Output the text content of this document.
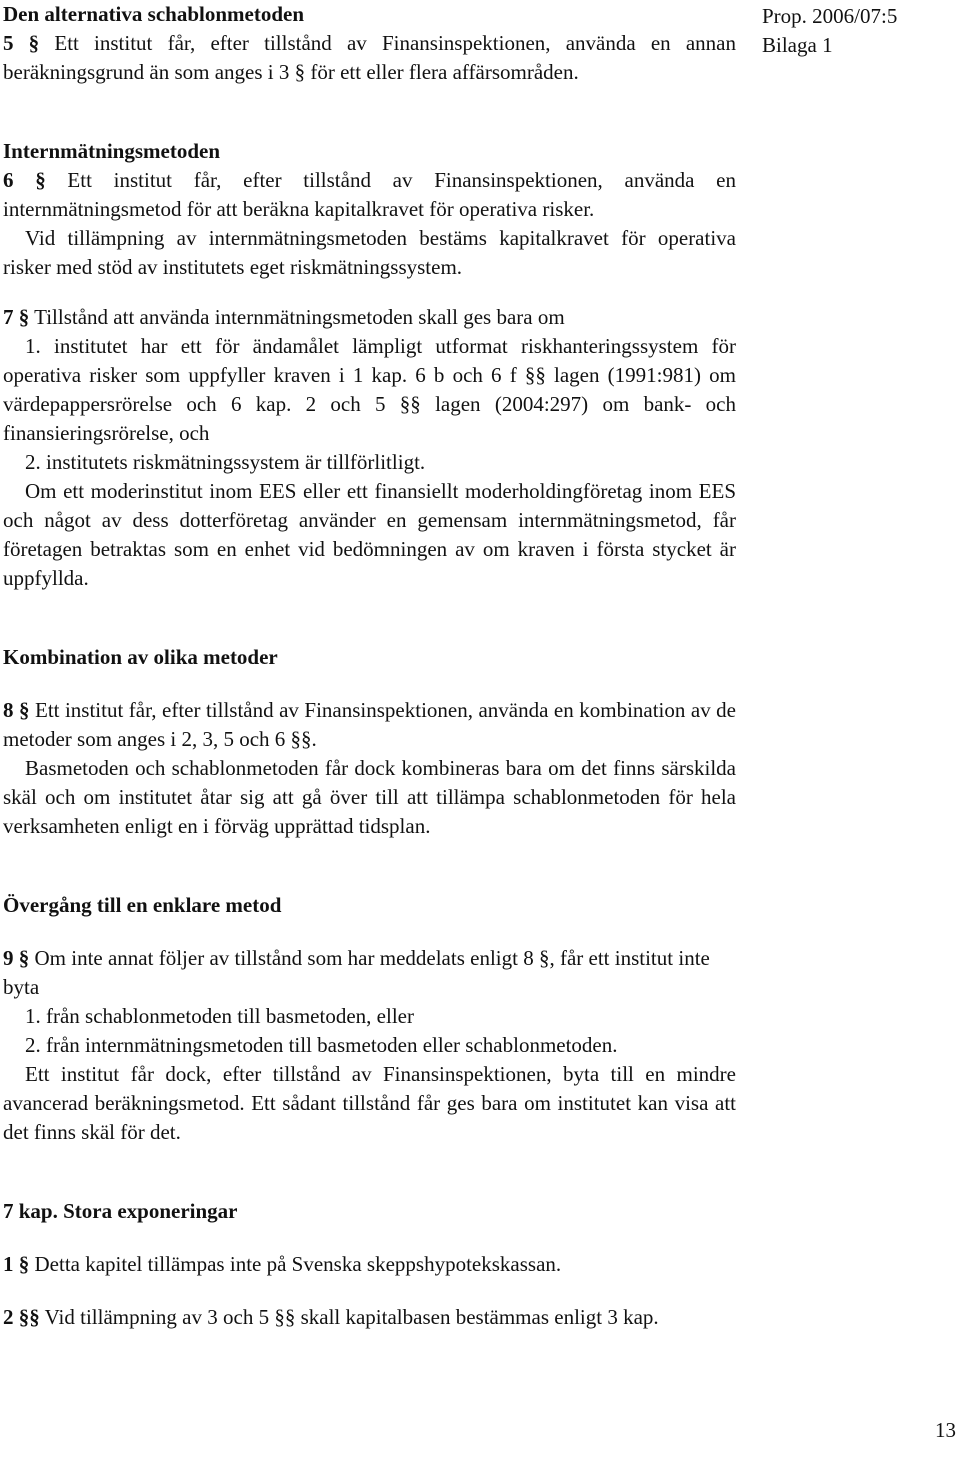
Den alternativa schablonmetoden

5 § Ett institut får, efter tillstånd av Finansinspektionen, använda en annan beräkningsgrund än som anges i 3 § för ett eller flera affärsområden.

Internmätningsmetoden

6 § Ett institut får, efter tillstånd av Finansinspektionen, använda en internmätningsmetod för att beräkna kapitalkravet för operativa risker.

Vid tillämpning av internmätningsmetoden bestäms kapitalkravet för operativa risker med stöd av institutets eget riskmätningssystem.

7 § Tillstånd att använda internmätningsmetoden skall ges bara om

1. institutet har ett för ändamålet lämpligt utformat riskhanteringssystem för operativa risker som uppfyller kraven i 1 kap. 6 b och 6 f §§ lagen (1991:981) om värdepappersrörelse och 6 kap. 2 och 5 §§ lagen (2004:297) om bank- och finansieringsrörelse, och

2. institutets riskmätningssystem är tillförlitligt.

Om ett moderinstitut inom EES eller ett finansiellt moderholdingföretag inom EES och något av dess dotterföretag använder en gemensam internmätningsmetod, får företagen betraktas som en enhet vid bedömningen av om kraven i första stycket är uppfyllda.

Kombination av olika metoder

8 § Ett institut får, efter tillstånd av Finansinspektionen, använda en kombination av de metoder som anges i 2, 3, 5 och 6 §§.

Basmetoden och schablonmetoden får dock kombineras bara om det finns särskilda skäl och om institutet åtar sig att gå över till att tillämpa schablonmetoden för hela verksamheten enligt en i förväg upprättad tidsplan.

Övergång till en enklare metod

9 § Om inte annat följer av tillstånd som har meddelats enligt 8 §, får ett institut inte byta

1. från schablonmetoden till basmetoden, eller

2. från internmätningsmetoden till basmetoden eller schablonmetoden.

Ett institut får dock, efter tillstånd av Finansinspektionen, byta till en mindre avancerad beräkningsmetod. Ett sådant tillstånd får ges bara om institutet kan visa att det finns skäl för det.

7 kap. Stora exponeringar

1 § Detta kapitel tillämpas inte på Svenska skeppshypotekskassan.

2 §§ Vid tillämpning av 3 och 5 §§ skall kapitalbasen bestämmas enligt 3 kap.

Prop. 2006/07:5
Bilaga 1
13
